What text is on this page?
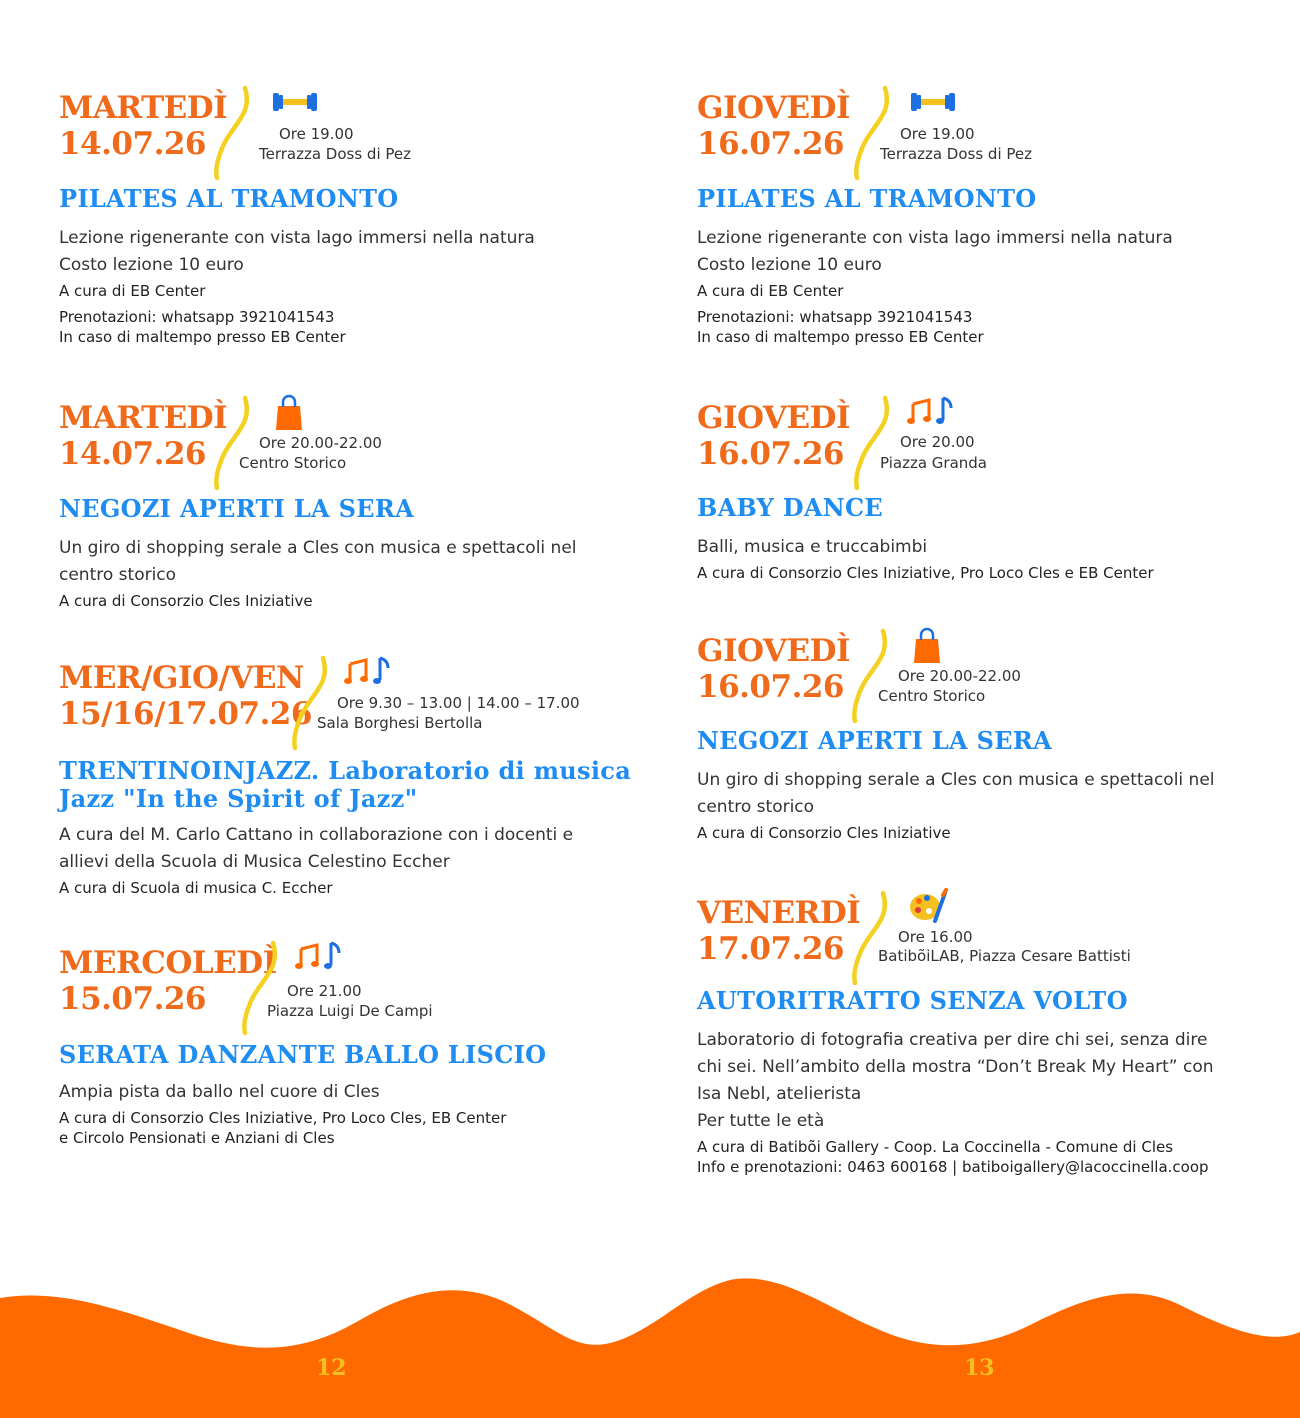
MARTEDÌ
14.07.26	Ore 19.00
Terrazza Doss di Pez
PILATES AL TRAMONTO
Lezione rigenerante con vista lago immersi nella natura
Costo lezione 10 euro
A cura di EB Center
Prenotazioni: whatsapp 3921041543
In caso di maltempo presso EB Center
MARTEDÌ
14.07.26	Ore 20.00-22.00
Centro Storico
NEGOZI APERTI LA SERA
Un giro di shopping serale a Cles con musica e spettacoli nel
centro storico
A cura di Consorzio Cles Iniziative
MER/GIO/VEN
15/16/17.07.26 Ore 9.30 – 13.00 | 14.00 – 17.00
Sala Borghesi Bertolla
TRENTINOINJAZZ. Laboratorio di musica
Jazz "In the Spirit of Jazz"
A cura del M. Carlo Cattano in collaborazione con i docenti e
allievi della Scuola di Musica Celestino Eccher
A cura di Scuola di musica C. Eccher
MERCOLEDÌ
15.07.26	Ore 21.00
Piazza Luigi De Campi
SERATA DANZANTE BALLO LISCIO
Ampia pista da ballo nel cuore di Cles
A cura di Consorzio Cles Iniziative, Pro Loco Cles, EB Center
e Circolo Pensionati e Anziani di Cles
GIOVEDÌ
16.07.26	Ore 19.00
Terrazza Doss di Pez
PILATES AL TRAMONTO
Lezione rigenerante con vista lago immersi nella natura
Costo lezione 10 euro
A cura di EB Center
Prenotazioni: whatsapp 3921041543
In caso di maltempo presso EB Center
GIOVEDÌ
16.07.26	Ore 20.00
Piazza Granda
BABY DANCE
Balli, musica e truccabimbi
A cura di Consorzio Cles Iniziative, Pro Loco Cles e EB Center
GIOVEDÌ
16.07.26	Ore 20.00-22.00
Centro Storico
NEGOZI APERTI LA SERA
Un giro di shopping serale a Cles con musica e spettacoli nel
centro storico
A cura di Consorzio Cles Iniziative
VENERDÌ
17.07.26	Ore 16.00
BatibõiLAB, Piazza Cesare Battisti
AUTORITRATTO SENZA VOLTO
Laboratorio di fotografia creativa per dire chi sei, senza dire
chi sei. Nell’ambito della mostra “Don’t Break My Heart” con
Isa Nebl, atelierista
Per tutte le età
A cura di Batibõi Gallery - Coop. La Coccinella - Comune di Cles
Info e prenotazioni: 0463 600168 | batiboigallery@lacoccinella.coop
12	13
